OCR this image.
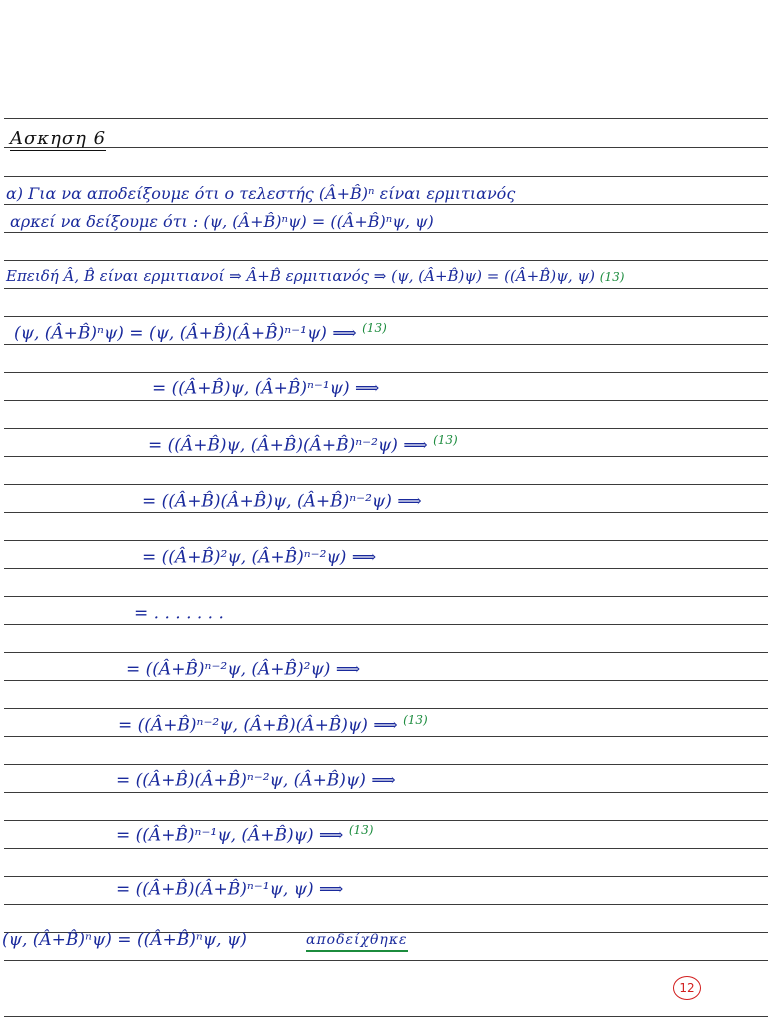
Ασκηση 6
α) Για να αποδείξουμε ότι ο τελεστής (Â+B̂)ⁿ είναι ερμιτιανός
αρκεί να δείξουμε ότι : (ψ, (Â+B̂)ⁿψ) = ((Â+B̂)ⁿψ, ψ)
Επειδή Â, B̂ είναι ερμιτιανοί ⇒ Â+B̂ ερμιτιανός ⇒ (ψ, (Â+B̂)ψ) = ((Â+B̂)ψ, ψ) (13)
(ψ, (Â+B̂)ⁿψ) = (ψ, (Â+B̂)(Â+B̂)ⁿ⁻¹ψ) ⟹ $^{(13)}$
= ((Â+B̂)ψ, (Â+B̂)ⁿ⁻¹ψ) ⟹
= ((Â+B̂)ψ, (Â+B̂)(Â+B̂)ⁿ⁻²ψ) ⟹ $^{(13)}$
= ((Â+B̂)(Â+B̂)ψ, (Â+B̂)ⁿ⁻²ψ) ⟹
= ((Â+B̂)²ψ, (Â+B̂)ⁿ⁻²ψ) ⟹
= . . . . . . .
= ((Â+B̂)ⁿ⁻²ψ, (Â+B̂)²ψ) ⟹
= ((Â+B̂)ⁿ⁻²ψ, (Â+B̂)(Â+B̂)ψ) ⟹ $^{(13)}$
= ((Â+B̂)(Â+B̂)ⁿ⁻²ψ, (Â+B̂)ψ) ⟹
= ((Â+B̂)ⁿ⁻¹ψ, (Â+B̂)ψ) ⟹ $^{(13)}$
= ((Â+B̂)(Â+B̂)ⁿ⁻¹ψ, ψ) ⟹
(ψ, (Â+B̂)ⁿψ) = ((Â+B̂)ⁿψ, ψ)	αποδείχθηκε
12
